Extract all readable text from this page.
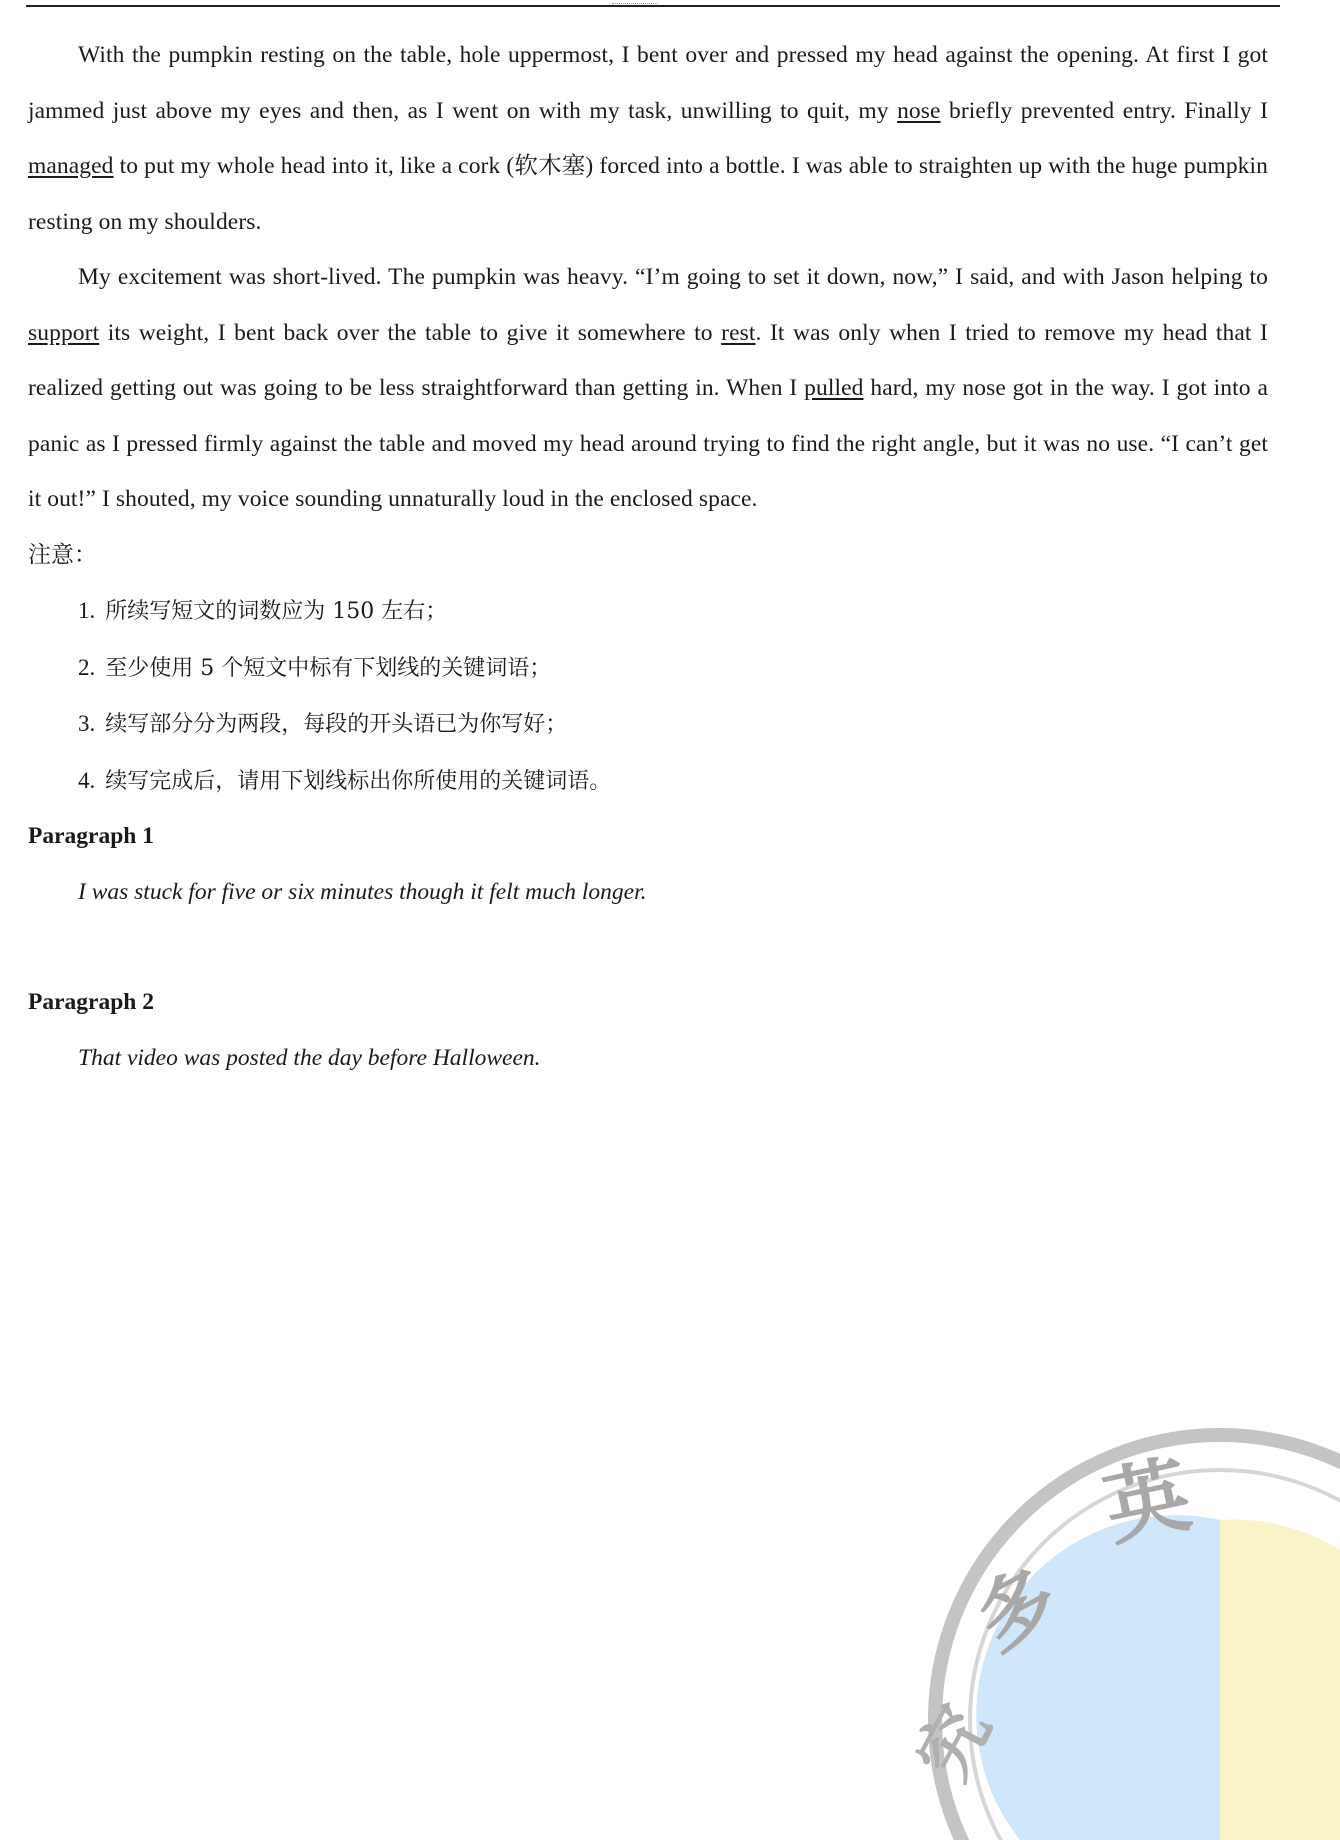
With the pumpkin resting on the table, hole uppermost, I bent over and pressed my head against the opening. At first I got jammed just above my eyes and then, as I went on with my task, unwilling to quit, my nose briefly prevented entry. Finally I managed to put my whole head into it, like a cork (软木塞) forced into a bottle. I was able to straighten up with the huge pumpkin resting on my shoulders.

My excitement was short-lived. The pumpkin was heavy. “I’m going to set it down, now,” I said, and with Jason helping to support its weight, I bent back over the table to give it somewhere to rest. It was only when I tried to remove my head that I realized getting out was going to be less straightforward than getting in. When I pulled hard, my nose got in the way. I got into a panic as I pressed firmly against the table and moved my head around trying to find the right angle, but it was no use. “I can’t get it out!” I shouted, my voice sounding unnaturally loud in the enclosed space.

注意：

1. 所续写短文的词数应为 150 左右；
2. 至少使用 5 个短文中标有下划线的关键词语；
3. 续写部分分为两段，每段的开头语已为你写好；
4. 续写完成后，请用下划线标出你所使用的关键词语。

Paragraph 1

I was stuck for five or six minutes though it felt much longer.

Paragraph 2

That video was posted the day before Halloween.

多
英
究
